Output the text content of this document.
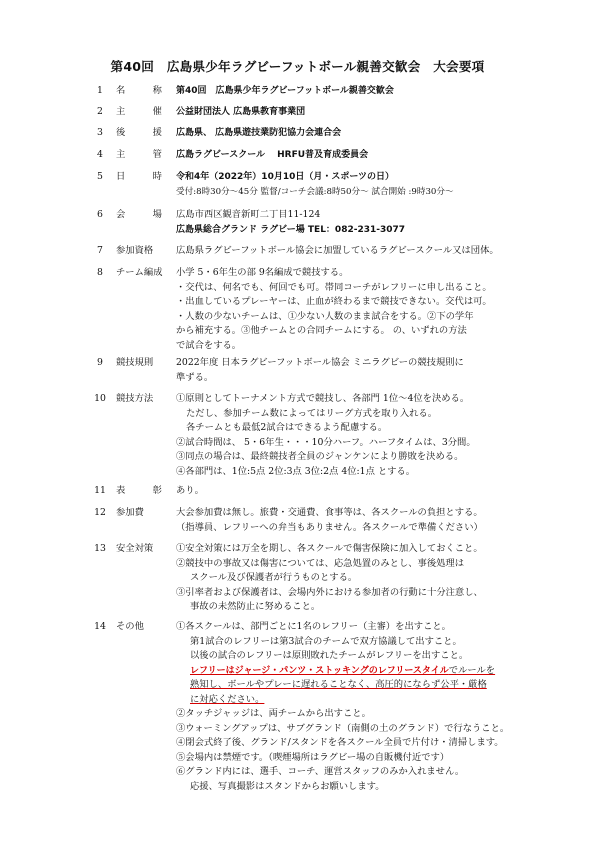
第40回　広島県少年ラグビーフットボール親善交歓会　大会要項
1	名　称 第40回　広島県少年ラグビーフットボール親善交歓会
2	主　催 公益財団法人 広島県教育事業団
3	後　援 広島県、 広島県遊技業防犯協力会連合会
4	主　管 広島ラグビースクール　 HRFU普及育成委員会
5	日　時 令和4年（2022年）10月10日（月・スポーツの日）
受付:8時30分～45分 監督/コーチ会議:8時50分～ 試合開始 :9時30分～
6	会　場 広島市西区観音新町二丁目11-124
広島県総合グランド ラグビー場 TEL：082-231-3077
7	参加資格	広島県ラグビーフットボール協会に加盟しているラグビースクール又は団体。
8	チーム編成	小学 5・6年生の部 9名編成で競技する。
・交代は、何名でも、何回でも可。帯同コーチがレフリーに申し出ること。
・出血しているプレーヤーは、止血が終わるまで競技できない。交代は可。
・人数の少ないチームは、①少ない人数のまま試合をする。②下の学年
から補充する。③他チームとの合同チームにする。 の、いずれの方法
で試合をする。
9	競技規則	2022年度 日本ラグビーフットボール協会 ミニラグビーの競技規則に
準ずる。
10 競技方法	①原則としてトーナメント方式で競技し、各部門 1位～4位を決める。
ただし、参加チーム数によってはリーグ方式を取り入れる。
各チームとも最低2試合はできるよう配慮する。
②試合時間は、 5・6年生・・・10分ハーフ。ハーフタイムは、3分間。
③同点の場合は、最終競技者全員のジャンケンにより勝敗を決める。
④各部門は、1位:5点 2位:3点 3位:2点 4位:1点 とする。
11 表　彰 あり。
12 参加費	大会参加費は無し。旅費・交通費、食事等は、各スクールの負担とする。
（指導員、レフリーへの弁当もありません。各スクールで準備ください）
13 安全対策	①安全対策には万全を期し、各スクールで傷害保険に加入しておくこと。
②競技中の事故又は傷害については、応急処置のみとし、事後処理は
スクール及び保護者が行うものとする。
③引率者および保護者は、会場内外における参加者の行動に十分注意し、
事故の未然防止に努めること。
14 その他	①各スクールは、部門ごとに1名のレフリー（主審）を出すこと。
第1試合のレフリーは第3試合のチームで双方協議して出すこと。
以後の試合のレフリーは原則敗れたチームがレフリーを出すこと。
レフリーはジャージ・パンツ・ストッキングのレフリースタイルでルールを
熟知し、ボールやプレーに遅れることなく、高圧的にならず公平・厳格
に対応ください。
②タッチジャッジは、両チームから出すこと。
③ウォーミングアップは、サブグランド（南側の土のグランド）で行なうこと。
④閉会式終了後、グランド/スタンドを各スクール全員で片付け・清掃します。
⑤会場内は禁煙です。（喫煙場所はラグビー場の自販機付近です）
⑥グランド内には、選手、コーチ、運営スタッフのみか入れません。
応援、写真撮影はスタンドからお願いします。
